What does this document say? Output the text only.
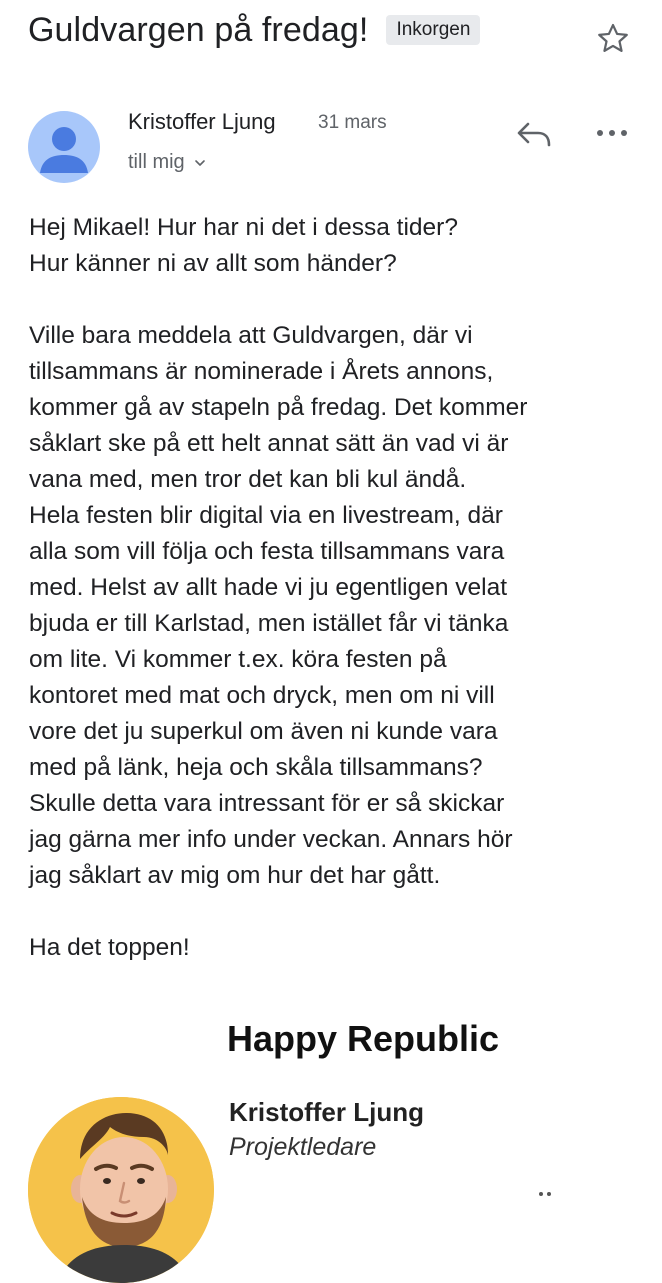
Guldvargen på fredag!	Inkorgen
Kristoffer Ljung 31 mars
till mig

Hej Mikael! Hur har ni det i dessa tider?
Hur känner ni av allt som händer?

Ville bara meddela att Guldvargen, där vi
tillsammans är nominerade i Årets annons,
kommer gå av stapeln på fredag. Det kommer
såklart ske på ett helt annat sätt än vad vi är
vana med, men tror det kan bli kul ändå.
Hela festen blir digital via en livestream, där
alla som vill följa och festa tillsammans vara
med. Helst av allt hade vi ju egentligen velat
bjuda er till Karlstad, men istället får vi tänka
om lite. Vi kommer t.ex. köra festen på
kontoret med mat och dryck, men om ni vill
vore det ju superkul om även ni kunde vara
med på länk, heja och skåla tillsammans?
Skulle detta vara intressant för er så skickar
jag gärna mer info under veckan. Annars hör
jag såklart av mig om hur det har gått.

Ha det toppen!

Happy Republic
Kristoffer Ljung
Projektledare
